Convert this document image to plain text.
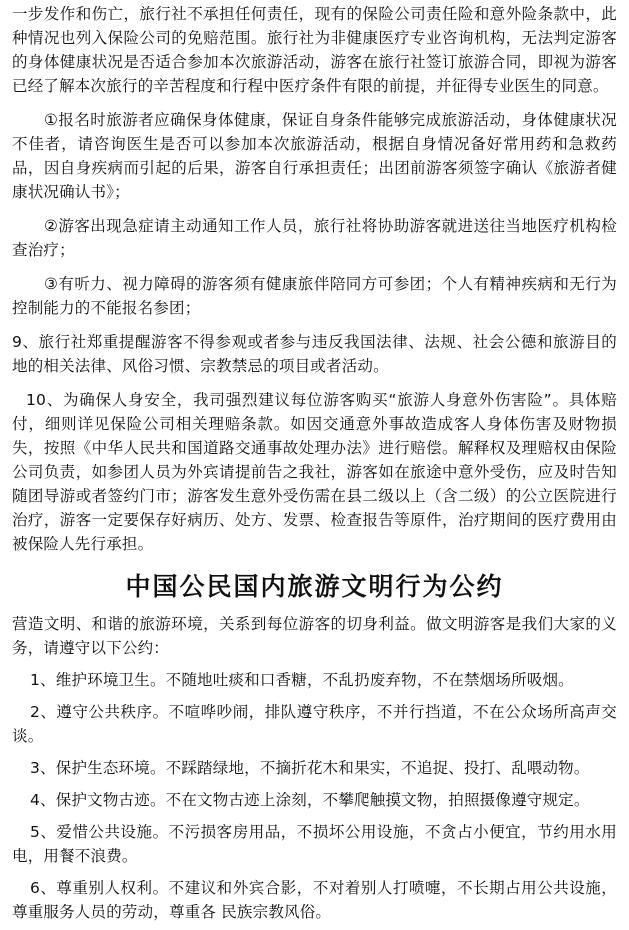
一步发作和伤亡，旅行社不承担任何责任，现有的保险公司责任险和意外险条款中，此种情况也列入保险公司的免赔范围。旅行社为非健康医疗专业咨询机构，无法判定游客的身体健康状况是否适合参加本次旅游活动，游客在旅行社签订旅游合同，即视为游客已经了解本次旅行的辛苦程度和行程中医疗条件有限的前提，并征得专业医生的同意。

①报名时旅游者应确保身体健康，保证自身条件能够完成旅游活动，身体健康状况不佳者，请咨询医生是否可以参加本次旅游活动，根据自身情况备好常用药和急救药品，因自身疾病而引起的后果，游客自行承担责任；出团前游客须签字确认《旅游者健康状况确认书》；

②游客出现急症请主动通知工作人员，旅行社将协助游客就进送往当地医疗机构检查治疗；

③有听力、视力障碍的游客须有健康旅伴陪同方可参团；个人有精神疾病和无行为控制能力的不能报名参团；

9、旅行社郑重提醒游客不得参观或者参与违反我国法律、法规、社会公德和旅游目的地的相关法律、风俗习惯、宗教禁忌的项目或者活动。

10、为确保人身安全，我司强烈建议每位游客购买“旅游人身意外伤害险”。具体赔付，细则详见保险公司相关理赔条款。如因交通意外事故造成客人身体伤害及财物损失，按照《中华人民共和国道路交通事故处理办法》进行赔偿。解释权及理赔权由保险公司负责，如参团人员为外宾请提前告之我社，游客如在旅途中意外受伤，应及时告知随团导游或者签约门市；游客发生意外受伤需在县二级以上（含二级）的公立医院进行治疗，游客一定要保存好病历、处方、发票、检查报告等原件，治疗期间的医疗费用由被保险人先行承担。

中国公民国内旅游文明行为公约

营造文明、和谐的旅游环境，关系到每位游客的切身利益。做文明游客是我们大家的义务，请遵守以下公约：

1、维护环境卫生。不随地吐痰和口香糖，不乱扔废弃物，不在禁烟场所吸烟。

2、遵守公共秩序。不喧哗吵闹，排队遵守秩序，不并行挡道，不在公众场所高声交谈。

3、保护生态环境。不踩踏绿地，不摘折花木和果实，不追捉、投打、乱喂动物。

4、保护文物古迹。不在文物古迹上涂刻，不攀爬触摸文物，拍照摄像遵守规定。

5、爱惜公共设施。不污损客房用品，不损坏公用设施，不贪占小便宜，节约用水用电，用餐不浪费。

6、尊重别人权利。不建议和外宾合影，不对着别人打喷嚏，不长期占用公共设施，尊重服务人员的劳动，尊重各 民族宗教风俗。
